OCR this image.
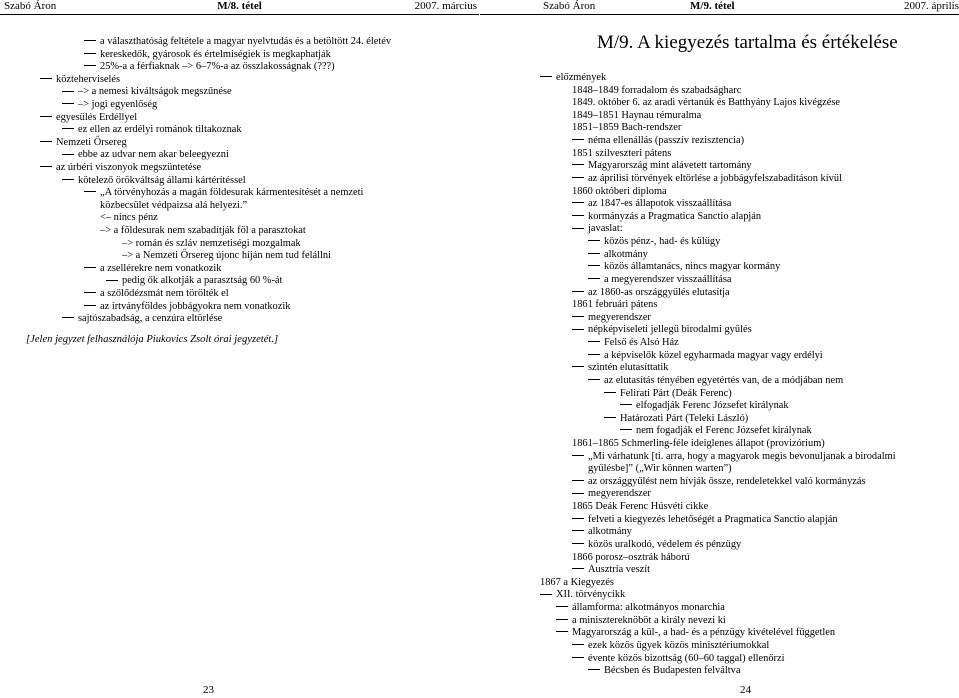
Szabó Áron	M/8. tétel	2007. március
a választhatóság feltétele a magyar nyelvtudás és a betöltött 24. életév
kereskedők, gyárosok és értelmiségiek is megkaphatják
25%-a a férfiaknak –> 6–7%-a az összlakosságnak (???)
közteherviselés
–> a nemesi kiváltságok megszűnése
–> jogi egyenlőség
egyesülés Erdéllyel
ez ellen az erdélyi románok tiltakoznak
Nemzeti Őrsereg
ebbe az udvar nem akar beleegyezni
az úrbéri viszonyok megszüntetése
kötelező örökváltság állami kártérítéssel
„A törvényhozás a magán földesurak kármentesítését a nemzeti
közbecsület védpaizsa alá helyezi.”
<– nincs pénz
–> a földesurak nem szabadítják föl a parasztokat
–> román és szláv nemzetiségi mozgalmak
–> a Nemzeti Őrsereg újonc híján nem tud felállni
a zsellérekre nem vonatkozik
pedig ők alkotják a parasztság 60 %-át
a szőlődézsmát nem törölték el
az irtványföldes jobbágyokra nem vonatkozik
sajtószabadság, a cenzúra eltörlése
[Jelen jegyzet felhasználója Piukovics Zsolt órai jegyzetét.]
23
Szabó Áron	M/9. tétel	2007. április
M/9. A kiegyezés tartalma és értékelése
előzmények
1848–1849 forradalom és szabadságharc
1849. október 6. az aradi vértanúk és Batthyány Lajos kivégzése
1849–1851 Haynau rémuralma
1851–1859 Bach-rendszer
néma ellenállás (passzív rezisztencia)
1851 szilveszteri pátens
Magyarország mint alávetett tartomány
az áprilisi törvények eltörlése a jobbágyfelszabadításon kívül
1860 októberi diploma
az 1847-es állapotok visszaállítása
kormányzás a Pragmatica Sanctio alapján
javaslat:
közös pénz-, had- és külügy
alkotmány
közös államtanács, nincs magyar kormány
a megyerendszer visszaállítása
az 1860-as országgyűlés elutasítja
1861 februári pátens
megyerendszer
népképviseleti jellegű birodalmi gyűlés
Felső és Alsó Ház
a képviselők közel egyharmada magyar vagy erdélyi
szintén elutasíttatik
az elutasítás tényében egyetértés van, de a módjában nem
Felirati Párt (Deák Ferenc)
elfogadják Ferenc Józsefet királynak
Határozati Párt (Teleki László)
nem fogadják el Ferenc Józsefet királynak
1861–1865 Schmerling-féle ideiglenes állapot (provizórium)
„Mi várhatunk [ti. arra, hogy a magyarok megis bevonuljanak a birodalmi
gyűlésbe]” („Wir können warten”)
az országgyűlést nem hívják össze, rendeletekkel való kormányzás
megyerendszer
1865 Deák Ferenc Húsvéti cikke
felveti a kiegyezés lehetőségét a Pragmatica Sanctio alapján
alkotmány
közös uralkodó, védelem és pénzügy
1866 porosz–osztrák háború
Ausztria veszít
1867 a Kiegyezés
XII. törvénycikk
államforma: alkotmányos monarchia
a minisztereknöböt a király nevezi ki
Magyarország a kül-, a had- és a pénzügy kivételével független
ezek közös ügyek közös minisztériumokkal
évente közös bizottság (60–60 taggal) ellenőrzi
Bécsben és Budapesten felváltva
24
